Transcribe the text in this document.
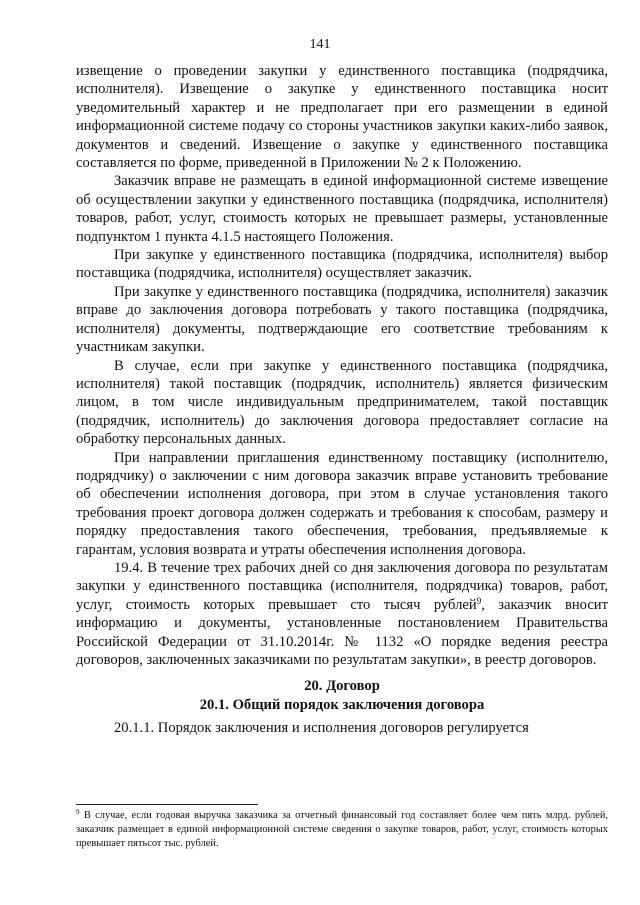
141

извещение о проведении закупки у единственного поставщика (подрядчика, исполнителя). Извещение о закупке у единственного поставщика носит уведомительный характер и не предполагает при его размещении в единой информационной системе подачу со стороны участников закупки каких-либо заявок, документов и сведений. Извещение о закупке у единственного поставщика составляется по форме, приведенной в Приложении № 2 к Положению.

Заказчик вправе не размещать в единой информационной системе извещение об осуществлении закупки у единственного поставщика (подрядчика, исполнителя) товаров, работ, услуг, стоимость которых не превышает размеры, установленные подпунктом 1 пункта 4.1.5 настоящего Положения.

При закупке у единственного поставщика (подрядчика, исполнителя) выбор поставщика (подрядчика, исполнителя) осуществляет заказчик.

При закупке у единственного поставщика (подрядчика, исполнителя) заказчик вправе до заключения договора потребовать у такого поставщика (подрядчика, исполнителя) документы, подтверждающие его соответствие требованиям к участникам закупки.

В случае, если при закупке у единственного поставщика (подрядчика, исполнителя) такой поставщик (подрядчик, исполнитель) является физическим лицом, в том числе индивидуальным предпринимателем, такой поставщик (подрядчик, исполнитель) до заключения договора предоставляет согласие на обработку персональных данных.

При направлении приглашения единственному поставщику (исполнителю, подрядчику) о заключении с ним договора заказчик вправе установить требование об обеспечении исполнения договора, при этом в случае установления такого требования проект договора должен содержать и требования к способам, размеру и порядку предоставления такого обеспечения, требования, предъявляемые к гарантам, условия возврата и утраты обеспечения исполнения договора.

19.4. В течение трех рабочих дней со дня заключения договора по результатам закупки у единственного поставщика (исполнителя, подрядчика) товаров, работ, услуг, стоимость которых превышает сто тысяч рублей$^9$, заказчик вносит информацию и документы, установленные постановлением Правительства Российской Федерации от 31.10.2014г. № 1132 «О порядке ведения реестра договоров, заключенных заказчиками по результатам закупки», в реестр договоров.

20. Договор

20.1. Общий порядок заключения договора

20.1.1. Порядок заключения и исполнения договоров регулируется

$^9$ В случае, если годовая выручка заказчика за отчетный финансовый год составляет более чем пять млрд. рублей, заказчик размещает в единой информационной системе сведения о закупке товаров, работ, услуг, стоимость которых превышает пятьсот тыс. рублей.
